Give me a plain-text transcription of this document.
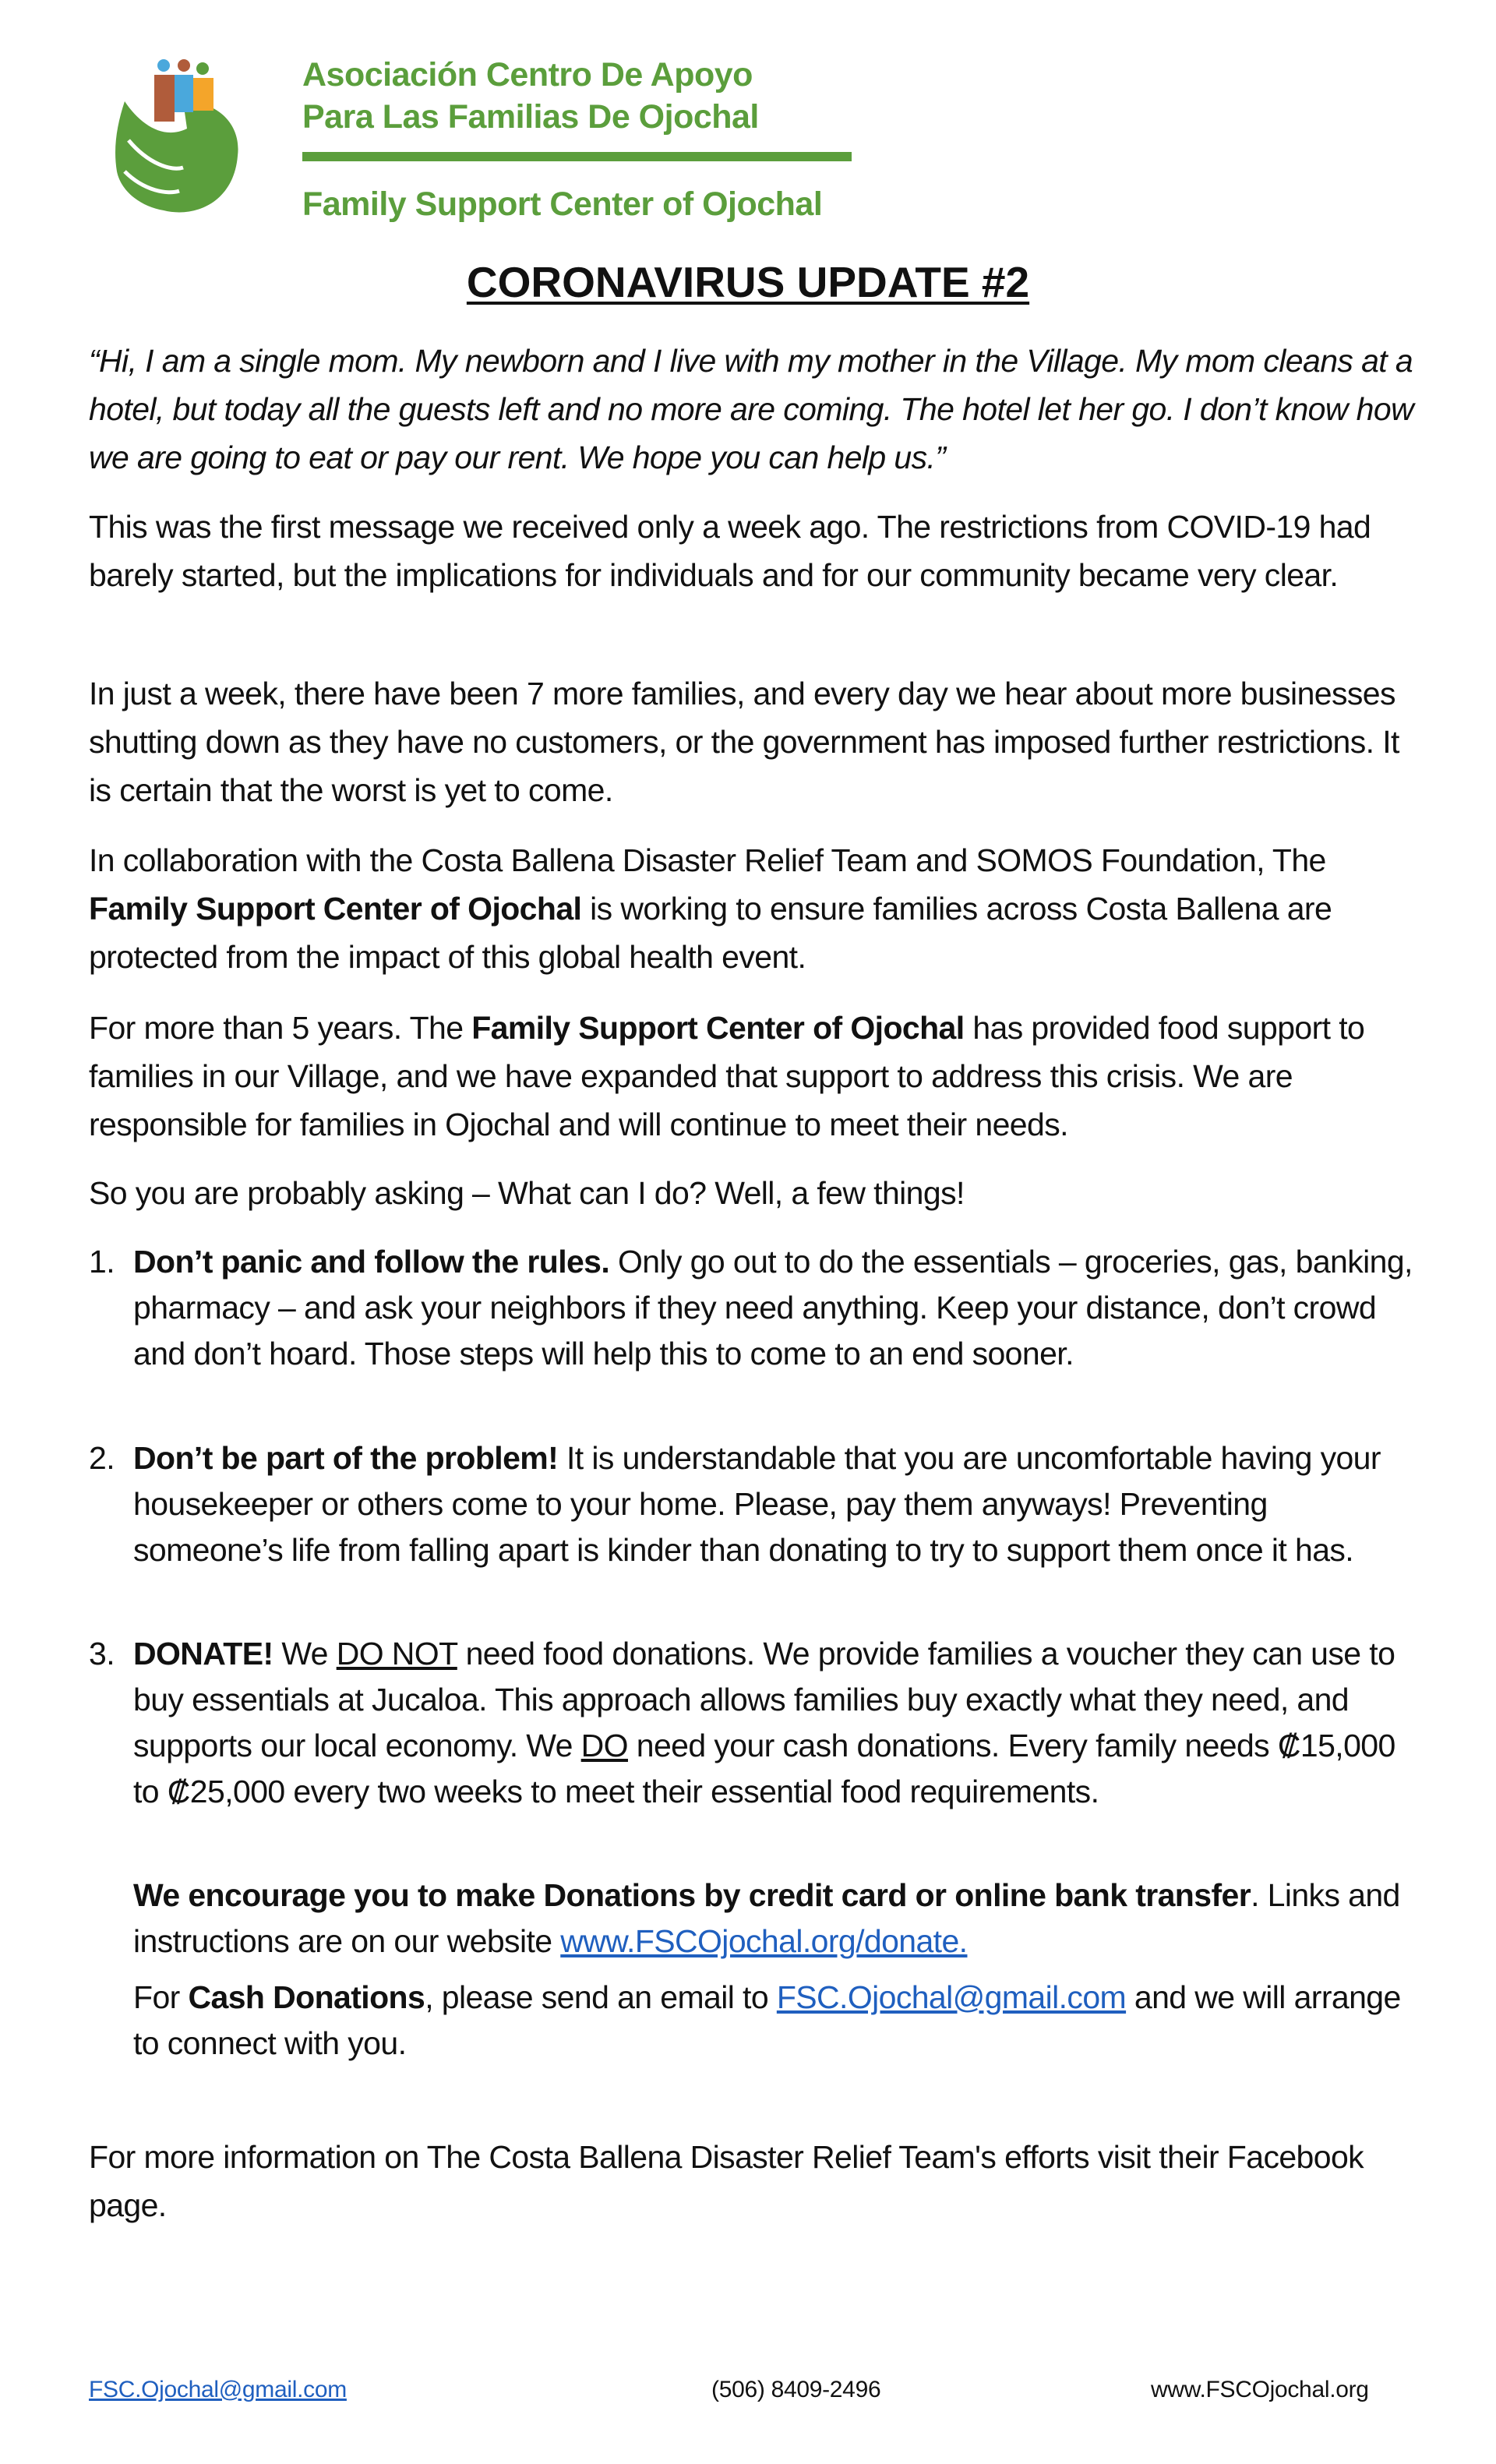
Asociación Centro De Apoyo
Para Las Familias De Ojochal
Family Support Center of Ojochal
CORONAVIRUS UPDATE #2
“Hi, I am a single mom. My newborn and I live with my mother in the Village. My mom cleans at a hotel, but today all the guests left and no more are coming. The hotel let her go. I don’t know how we are going to eat or pay our rent. We hope you can help us.”
This was the first message we received only a week ago. The restrictions from COVID-19 had barely started, but the implications for individuals and for our community became very clear.
In just a week, there have been 7 more families, and every day we hear about more businesses shutting down as they have no customers, or the government has imposed further restrictions. It is certain that the worst is yet to come.
In collaboration with the Costa Ballena Disaster Relief Team and SOMOS Foundation, The Family Support Center of Ojochal is working to ensure families across Costa Ballena are protected from the impact of this global health event.
For more than 5 years. The Family Support Center of Ojochal has provided food support to families in our Village, and we have expanded that support to address this crisis. We are responsible for families in Ojochal and will continue to meet their needs.
So you are probably asking – What can I do? Well, a few things!
1. Don’t panic and follow the rules. Only go out to do the essentials – groceries, gas, banking, pharmacy – and ask your neighbors if they need anything. Keep your distance, don’t crowd and don’t hoard. Those steps will help this to come to an end sooner.
2. Don’t be part of the problem! It is understandable that you are uncomfortable having your housekeeper or others come to your home. Please, pay them anyways! Preventing someone’s life from falling apart is kinder than donating to try to support them once it has.
3. DONATE! We DO NOT need food donations. We provide families a voucher they can use to buy essentials at Jucaloa. This approach allows families buy exactly what they need, and supports our local economy. We DO need your cash donations. Every family needs ₡15,000 to ₡25,000 every two weeks to meet their essential food requirements.
We encourage you to make Donations by credit card or online bank transfer. Links and instructions are on our website www.FSCOjochal.org/donate.
For Cash Donations, please send an email to FSC.Ojochal@gmail.com and we will arrange to connect with you.
For more information on The Costa Ballena Disaster Relief Team's efforts visit their Facebook page.
FSC.Ojochal@gmail.com	(506) 8409-2496	www.FSCOjochal.org
